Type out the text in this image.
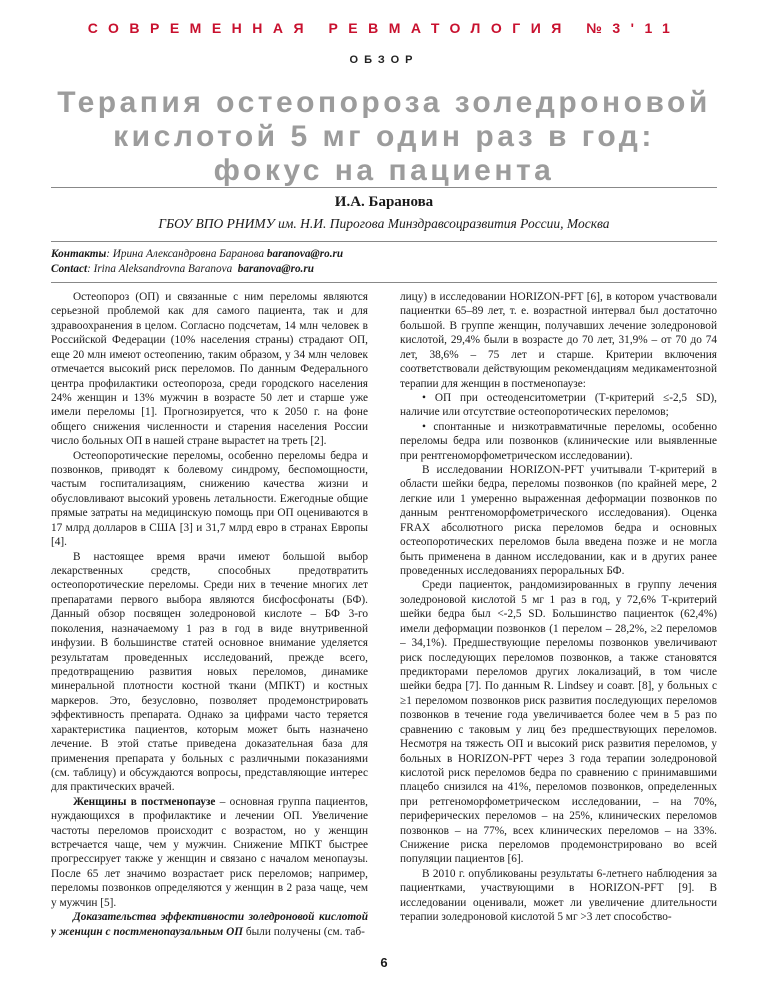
СОВРЕМЕННАЯ РЕВМАТОЛОГИЯ №3'11
ОБЗОР
Терапия остеопороза золедроновой
кислотой 5 мг один раз в год:
фокус на пациента
И.А. Баранова
ГБОУ ВПО РНИМУ им. Н.И. Пирогова Минздравсоцразвития России, Москва
Контакты: Ирина Александровна Баранова baranova@ro.ru
Contact: Irina Aleksandrovna Baranova baranova@ro.ru

Остеопороз (ОП) и связанные с ним переломы являются серьезной проблемой как для самого пациента, так и для здравоохранения в целом. Согласно подсчетам, 14 млн человек в Российской Федерации (10% населения страны) страдают ОП, еще 20 млн имеют остеопению, таким образом, у 34 млн человек отмечается высокий риск переломов. По данным Федерального центра профилактики остеопороза, среди городского населения 24% женщин и 13% мужчин в возрасте 50 лет и старше уже имели переломы [1]. Прогнозируется, что к 2050 г. на фоне общего снижения численности и старения населения России число больных ОП в нашей стране вырастет на треть [2].

Остеопоротические переломы, особенно переломы бедра и позвонков, приводят к болевому синдрому, беспомощности, частым госпитализациям, снижению качества жизни и обусловливают высокий уровень летальности. Ежегодные общие прямые затраты на медицинскую помощь при ОП оцениваются в 17 млрд долларов в США [3] и 31,7 млрд евро в странах Европы [4].

В настоящее время врачи имеют большой выбор лекарственных средств, способных предотвратить остеопоротические переломы. Среди них в течение многих лет препаратами первого выбора являются бисфосфонаты (БФ). Данный обзор посвящен золедроновой кислоте – БФ 3-го поколения, назначаемому 1 раз в год в виде внутривенной инфузии. В большинстве статей основное внимание уделяется результатам проведенных исследований, прежде всего, предотвращению развития новых переломов, динамике минеральной плотности костной ткани (МПКТ) и костных маркеров. Это, безусловно, позволяет продемонстрировать эффективность препарата. Однако за цифрами часто теряется характеристика пациентов, которым может быть назначено лечение. В этой статье приведена доказательная база для применения препарата у больных с различными показаниями (см. таблицу) и обсуждаются вопросы, представляющие интерес для практических врачей.

Женщины в постменопаузе – основная группа пациентов, нуждающихся в профилактике и лечении ОП. Увеличение частоты переломов происходит с возрастом, но у женщин встречается чаще, чем у мужчин. Снижение МПКТ быстрее прогрессирует также у женщин и связано с началом менопаузы. После 65 лет значимо возрастает риск переломов; например, переломы позвонков определяются у женщин в 2 раза чаще, чем у мужчин [5].

Доказательства эффективности золедроновой кислотой у женщин с постменопаузальным ОП были получены (см. таб-

лицу) в исследовании HORIZON-PFT [6], в котором участвовали пациентки 65–89 лет, т. е. возрастной интервал был достаточно большой. В группе женщин, получавших лечение золедроновой кислотой, 29,4% были в возрасте до 70 лет, 31,9% – от 70 до 74 лет, 38,6% – 75 лет и старше. Критерии включения соответствовали действующим рекомендациям медикаментозной терапии для женщин в постменопаузе:

• ОП при остеоденситометрии (Т-критерий ≤-2,5 SD), наличие или отсутствие остеопоротических переломов;

• спонтанные и низкотравматичные переломы, особенно переломы бедра или позвонков (клинические или выявленные при рентгеноморфометрическом исследовании).

В исследовании HORIZON-PFT учитывали Т-критерий в области шейки бедра, переломы позвонков (по крайней мере, 2 легкие или 1 умеренно выраженная деформации позвонков по данным рентгеноморфометрического исследования). Оценка FRAX абсолютного риска переломов бедра и основных остеопоротических переломов была введена позже и не могла быть применена в данном исследовании, как и в других ранее проведенных исследованиях пероральных БФ.

Среди пациенток, рандомизированных в группу лечения золедроновой кислотой 5 мг 1 раз в год, у 72,6% Т-критерий шейки бедра был <-2,5 SD. Большинство пациенток (62,4%) имели деформации позвонков (1 перелом – 28,2%, ≥2 переломов – 34,1%). Предшествующие переломы позвонков увеличивают риск последующих переломов позвонков, а также становятся предикторами переломов других локализаций, в том числе шейки бедра [7]. По данным R. Lindsey и соавт. [8], у больных с ≥1 переломом позвонков риск развития последующих переломов позвонков в течение года увеличивается более чем в 5 раз по сравнению с таковым у лиц без предшествующих переломов. Несмотря на тяжесть ОП и высокий риск развития переломов, у больных в HORIZON-PFT через 3 года терапии золедроновой кислотой риск переломов бедра по сравнению с принимавшими плацебо снизился на 41%, переломов позвонков, определенных при ретгеноморфометрическом исследовании, – на 70%, периферических переломов – на 25%, клинических переломов позвонков – на 77%, всех клинических переломов – на 33%. Снижение риска переломов продемонстрировано во всей популяции пациентов [6].

В 2010 г. опубликованы результаты 6-летнего наблюдения за пациентками, участвующими в HORIZON-PFT [9]. В исследовании оценивали, может ли увеличение длительности терапии золедроновой кислотой 5 мг >3 лет способство-

6
